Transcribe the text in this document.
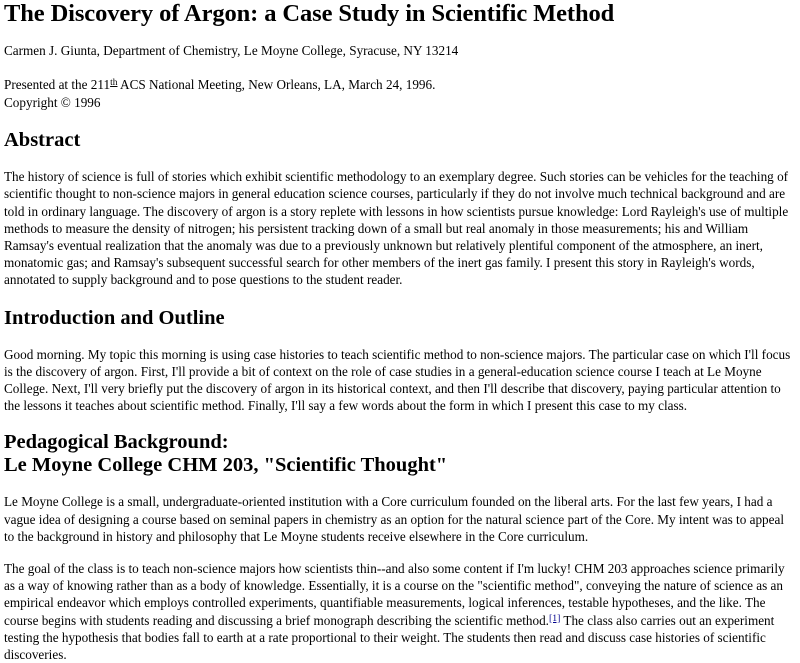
The Discovery of Argon: a Case Study in Scientific Method

Carmen J. Giunta, Department of Chemistry, Le Moyne College, Syracuse, NY 13214

Presented at the 211th ACS National Meeting, New Orleans, LA, March 24, 1996.
Copyright © 1996

Abstract

The history of science is full of stories which exhibit scientific methodology to an exemplary degree. Such stories can be vehicles for the teaching of scientific thought to non-science majors in general education science courses, particularly if they do not involve much technical background and are told in ordinary language. The discovery of argon is a story replete with lessons in how scientists pursue knowledge: Lord Rayleigh's use of multiple methods to measure the density of nitrogen; his persistent tracking down of a small but real anomaly in those measurements; his and William Ramsay's eventual realization that the anomaly was due to a previously unknown but relatively plentiful component of the atmosphere, an inert, monatomic gas; and Ramsay's subsequent successful search for other members of the inert gas family. I present this story in Rayleigh's words, annotated to supply background and to pose questions to the student reader.

Introduction and Outline

Good morning. My topic this morning is using case histories to teach scientific method to non-science majors. The particular case on which I'll focus is the discovery of argon. First, I'll provide a bit of context on the role of case studies in a general-education science course I teach at Le Moyne College. Next, I'll very briefly put the discovery of argon in its historical context, and then I'll describe that discovery, paying particular attention to the lessons it teaches about scientific method. Finally, I'll say a few words about the form in which I present this case to my class.

Pedagogical Background:
Le Moyne College CHM 203, "Scientific Thought"

Le Moyne College is a small, undergraduate-oriented institution with a Core curriculum founded on the liberal arts. For the last few years, I had a vague idea of designing a course based on seminal papers in chemistry as an option for the natural science part of the Core. My intent was to appeal to the background in history and philosophy that Le Moyne students receive elsewhere in the Core curriculum.

The goal of the class is to teach non-science majors how scientists thin--and also some content if I'm lucky! CHM 203 approaches science primarily as a way of knowing rather than as a body of knowledge. Essentially, it is a course on the "scientific method", conveying the nature of science as an empirical endeavor which employs controlled experiments, quantifiable measurements, logical inferences, testable hypotheses, and the like. The course begins with students reading and discussing a brief monograph describing the scientific method.[1] The class also carries out an experiment testing the hypothesis that bodies fall to earth at a rate proportional to their weight. The students then read and discuss case histories of scientific discoveries.
